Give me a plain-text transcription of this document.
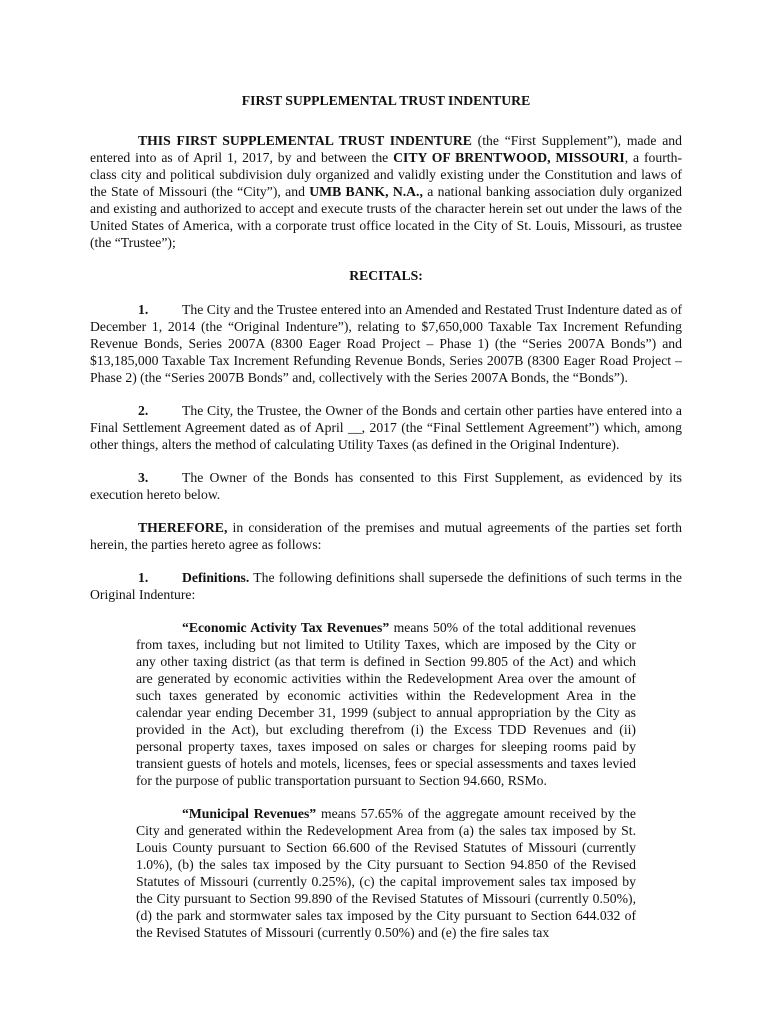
FIRST SUPPLEMENTAL TRUST INDENTURE

THIS FIRST SUPPLEMENTAL TRUST INDENTURE (the “First Supplement”), made and entered into as of April 1, 2017, by and between the CITY OF BRENTWOOD, MISSOURI, a fourth-class city and political subdivision duly organized and validly existing under the Constitution and laws of the State of Missouri (the “City”), and UMB BANK, N.A., a national banking association duly organized and existing and authorized to accept and execute trusts of the character herein set out under the laws of the United States of America, with a corporate trust office located in the City of St. Louis, Missouri, as trustee (the “Trustee”);

RECITALS:

1. The City and the Trustee entered into an Amended and Restated Trust Indenture dated as of December 1, 2014 (the “Original Indenture”), relating to $7,650,000 Taxable Tax Increment Refunding Revenue Bonds, Series 2007A (8300 Eager Road Project – Phase 1) (the “Series 2007A Bonds”) and $13,185,000 Taxable Tax Increment Refunding Revenue Bonds, Series 2007B (8300 Eager Road Project – Phase 2) (the “Series 2007B Bonds” and, collectively with the Series 2007A Bonds, the “Bonds”).

2. The City, the Trustee, the Owner of the Bonds and certain other parties have entered into a Final Settlement Agreement dated as of April __, 2017 (the “Final Settlement Agreement”) which, among other things, alters the method of calculating Utility Taxes (as defined in the Original Indenture).

3. The Owner of the Bonds has consented to this First Supplement, as evidenced by its execution hereto below.

THEREFORE, in consideration of the premises and mutual agreements of the parties set forth herein, the parties hereto agree as follows:

1. Definitions. The following definitions shall supersede the definitions of such terms in the Original Indenture:

“Economic Activity Tax Revenues” means 50% of the total additional revenues from taxes, including but not limited to Utility Taxes, which are imposed by the City or any other taxing district (as that term is defined in Section 99.805 of the Act) and which are generated by economic activities within the Redevelopment Area over the amount of such taxes generated by economic activities within the Redevelopment Area in the calendar year ending December 31, 1999 (subject to annual appropriation by the City as provided in the Act), but excluding therefrom (i) the Excess TDD Revenues and (ii) personal property taxes, taxes imposed on sales or charges for sleeping rooms paid by transient guests of hotels and motels, licenses, fees or special assessments and taxes levied for the purpose of public transportation pursuant to Section 94.660, RSMo.

“Municipal Revenues” means 57.65% of the aggregate amount received by the City and generated within the Redevelopment Area from (a) the sales tax imposed by St. Louis County pursuant to Section 66.600 of the Revised Statutes of Missouri (currently 1.0%), (b) the sales tax imposed by the City pursuant to Section 94.850 of the Revised Statutes of Missouri (currently 0.25%), (c) the capital improvement sales tax imposed by the City pursuant to Section 99.890 of the Revised Statutes of Missouri (currently 0.50%), (d) the park and stormwater sales tax imposed by the City pursuant to Section 644.032 of the Revised Statutes of Missouri (currently 0.50%) and (e) the fire sales tax
